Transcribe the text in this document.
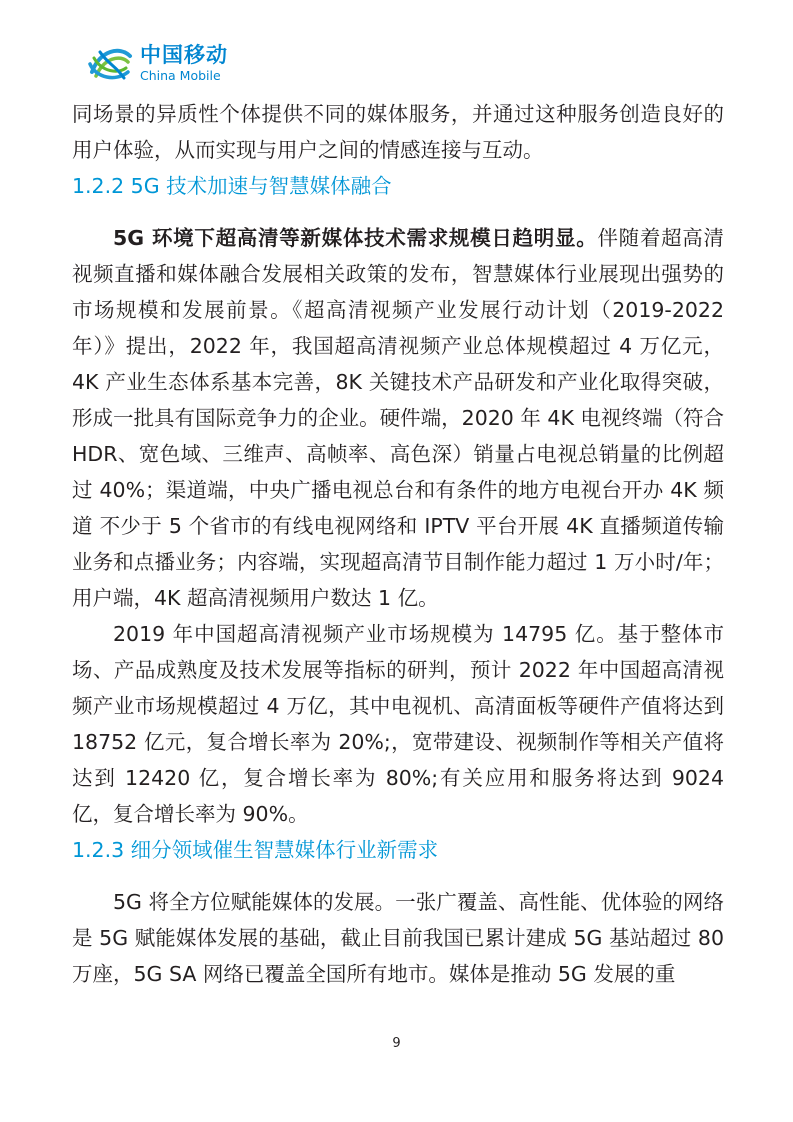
中国移动
China Mobile

同场景的异质性个体提供不同的媒体服务，并通过这种服务创造良好的用户体验，从而实现与用户之间的情感连接与互动。

1.2.2 5G 技术加速与智慧媒体融合

5G 环境下超高清等新媒体技术需求规模日趋明显。伴随着超高清视频直播和媒体融合发展相关政策的发布，智慧媒体行业展现出强势的市场规模和发展前景。《超高清视频产业发展行动计划（2019-2022 年）》提出，2022 年，我国超高清视频产业总体规模超过 4 万亿元，4K 产业生态体系基本完善，8K 关键技术产品研发和产业化取得突破，形成一批具有国际竞争力的企业。硬件端，2020 年 4K 电视终端（符合 HDR、宽色域、三维声、高帧率、高色深）销量占电视总销量的比例超过 40%；渠道端，中央广播电视总台和有条件的地方电视台开办 4K 频道 不少于 5 个省市的有线电视网络和 IPTV 平台开展 4K 直播频道传输业务和点播业务；内容端，实现超高清节目制作能力超过 1 万小时/年；用户端，4K 超高清视频用户数达 1 亿。

2019 年中国超高清视频产业市场规模为 14795 亿。基于整体市场、产品成熟度及技术发展等指标的研判，预计 2022 年中国超高清视频产业市场规模超过 4 万亿，其中电视机、高清面板等硬件产值将达到 18752 亿元，复合增长率为 20%;，宽带建设、视频制作等相关产值将达到 12420 亿，复合增长率为 80%;有关应用和服务将达到 9024 亿，复合增长率为 90%。

1.2.3 细分领域催生智慧媒体行业新需求

5G 将全方位赋能媒体的发展。一张广覆盖、高性能、优体验的网络是 5G 赋能媒体发展的基础，截止目前我国已累计建成 5G 基站超过 80 万座，5G SA 网络已覆盖全国所有地市。媒体是推动 5G 发展的重

9
